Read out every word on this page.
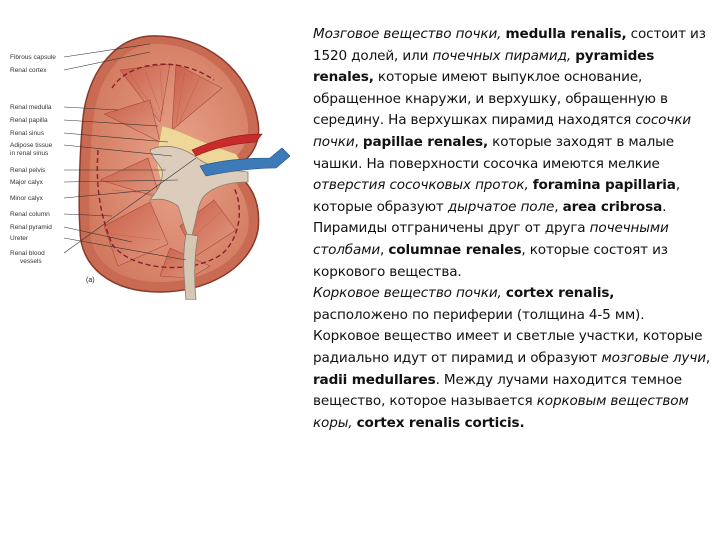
Fibrous capsule
Renal cortex
Renal medulla
Renal papilla
Renal sinus
Adipose tissue
in renal sinus
Renal pelvis
Major calyx
Minor calyx
Renal column
Renal pyramid
Ureter
Renal blood
vessels
(a)

Мозговое вещество почки, medulla renalis, состоит из 1520 долей, или почечных пирамид, pyramides renales, которые имеют выпуклое основание, обращенное кнаружи, и верхушку, обращенную в середину. На верхушках пирамид находятся сосочки почки, papillae renales, которые заходят в малые чашки. На поверхности сосочка имеются мелкие отверстия сосочковых проток, foramina papillaria, которые образуют дырчатое поле, area cribrosa. Пирамиды отграничены друг от друга почечными столбами, columnae renales, которые состоят из коркового вещества.

Корковое вещество почки, cortex renalis, расположено по периферии (толщина 4-5 мм). Корковое вещество имеет и светлые участки, которые радиально идут от пирамид и образуют мозговые лучи, radii medullares. Между лучами находится темное вещество, которое называется корковым веществом коры, cortex renalis corticis.
